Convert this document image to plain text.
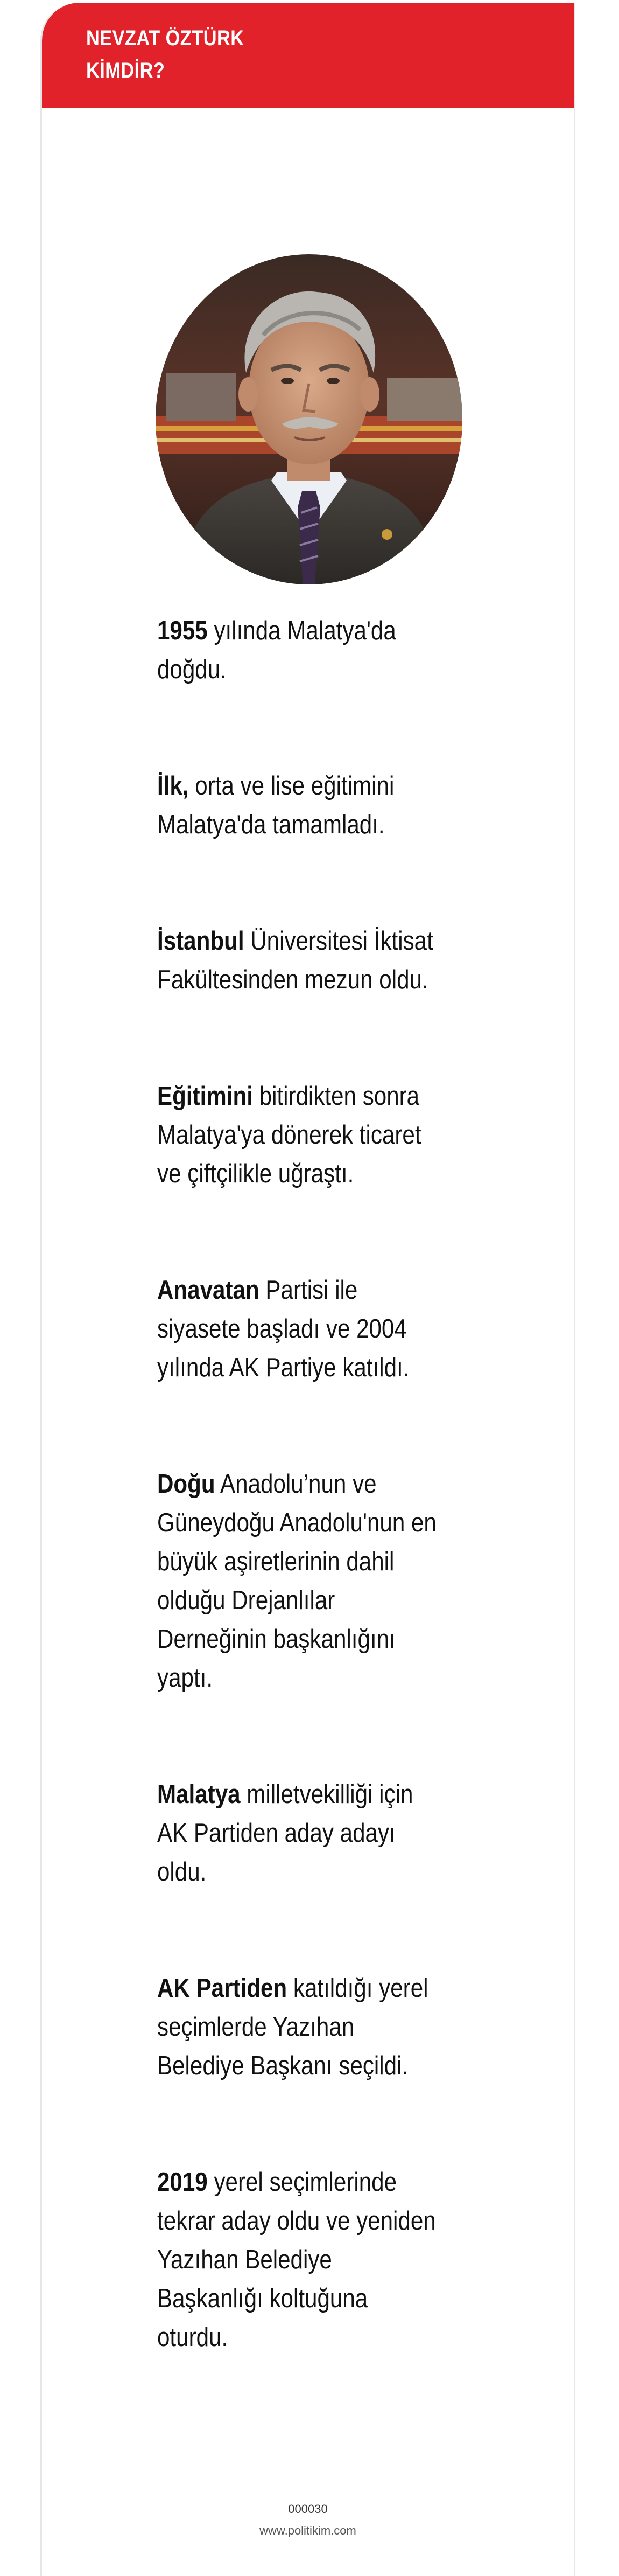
NEVZAT ÖZTÜRK
KİMDİR?
1955 yılında Malatya'da
doğdu.
İlk, orta ve lise eğitimini
Malatya'da tamamladı.
İstanbul Üniversitesi İktisat
Fakültesinden mezun oldu.
Eğitimini bitirdikten sonra
Malatya'ya dönerek ticaret
ve çiftçilikle uğraştı.
Anavatan Partisi ile
siyasete başladı ve 2004
yılında AK Partiye katıldı.
Doğu Anadolu’nun ve
Güneydoğu Anadolu'nun en
büyük aşiretlerinin dahil
olduğu Drejanlılar
Derneğinin başkanlığını
yaptı.
Malatya milletvekilliği için
AK Partiden aday adayı
oldu.
AK Partiden katıldığı yerel
seçimlerde Yazıhan
Belediye Başkanı seçildi.
2019 yerel seçimlerinde
tekrar aday oldu ve yeniden
Yazıhan Belediye
Başkanlığı koltuğuna
oturdu.
000030
www.politikim.com
